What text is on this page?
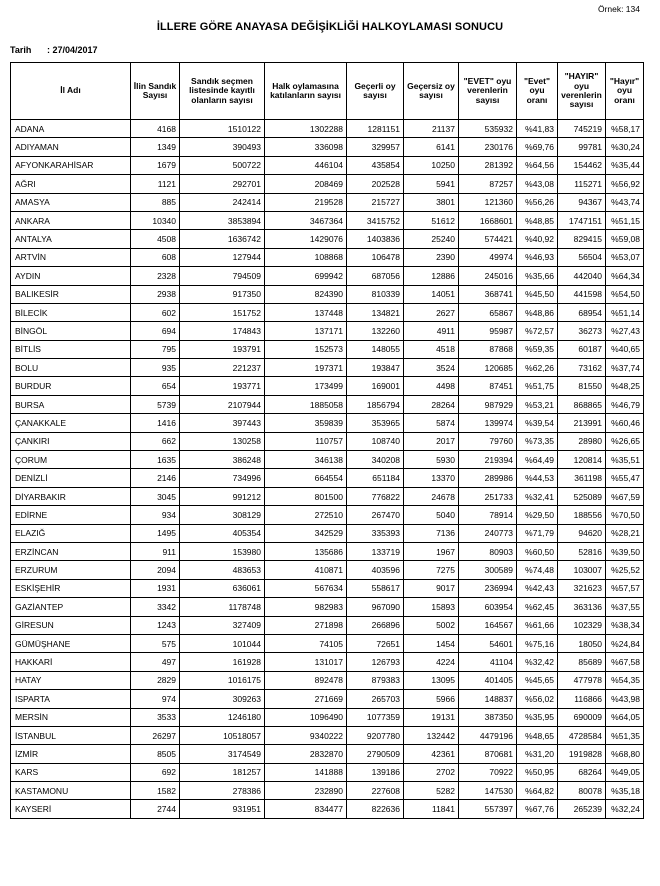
Örnek: 134
İLLERE GÖRE ANAYASA DEĞİŞİKLİĞİ HALKOYLAMASI SONUCU
Tarih : 27/04/2017
İl Adı	İlin Sandık Sayısı	Sandık seçmen listesinde kayıtlı olanların sayısı	Halk oylamasına katılanların sayısı	Geçerli oy sayısı	Geçersiz oy sayısı	"EVET" oyu verenlerin sayısı	"Evet" oyu oranı	"HAYIR" oyu verenlerin sayısı	"Hayır" oyu oranı
ADANA	4168	1510122	1302288	1281151	21137	535932	%41,83	745219	%58,17
ADIYAMAN	1349	390493	336098	329957	6141	230176	%69,76	99781	%30,24
AFYONKARAHİSAR	1679	500722	446104	435854	10250	281392	%64,56	154462	%35,44
AĞRI	1121	292701	208469	202528	5941	87257	%43,08	115271	%56,92
AMASYA	885	242414	219528	215727	3801	121360	%56,26	94367	%43,74
ANKARA	10340	3853894	3467364	3415752	51612	1668601	%48,85	1747151	%51,15
ANTALYA	4508	1636742	1429076	1403836	25240	574421	%40,92	829415	%59,08
ARTVİN	608	127944	108868	106478	2390	49974	%46,93	56504	%53,07
AYDIN	2328	794509	699942	687056	12886	245016	%35,66	442040	%64,34
BALIKESİR	2938	917350	824390	810339	14051	368741	%45,50	441598	%54,50
BİLECİK	602	151752	137448	134821	2627	65867	%48,86	68954	%51,14
BİNGÖL	694	174843	137171	132260	4911	95987	%72,57	36273	%27,43
BİTLİS	795	193791	152573	148055	4518	87868	%59,35	60187	%40,65
BOLU	935	221237	197371	193847	3524	120685	%62,26	73162	%37,74
BURDUR	654	193771	173499	169001	4498	87451	%51,75	81550	%48,25
BURSA	5739	2107944	1885058	1856794	28264	987929	%53,21	868865	%46,79
ÇANAKKALE	1416	397443	359839	353965	5874	139974	%39,54	213991	%60,46
ÇANKIRI	662	130258	110757	108740	2017	79760	%73,35	28980	%26,65
ÇORUM	1635	386248	346138	340208	5930	219394	%64,49	120814	%35,51
DENİZLİ	2146	734996	664554	651184	13370	289986	%44,53	361198	%55,47
DİYARBAKIR	3045	991212	801500	776822	24678	251733	%32,41	525089	%67,59
EDİRNE	934	308129	272510	267470	5040	78914	%29,50	188556	%70,50
ELAZIĞ	1495	405354	342529	335393	7136	240773	%71,79	94620	%28,21
ERZİNCAN	911	153980	135686	133719	1967	80903	%60,50	52816	%39,50
ERZURUM	2094	483653	410871	403596	7275	300589	%74,48	103007	%25,52
ESKİŞEHİR	1931	636061	567634	558617	9017	236994	%42,43	321623	%57,57
GAZİANTEP	3342	1178748	982983	967090	15893	603954	%62,45	363136	%37,55
GİRESUN	1243	327409	271898	266896	5002	164567	%61,66	102329	%38,34
GÜMÜŞHANE	575	101044	74105	72651	1454	54601	%75,16	18050	%24,84
HAKKARİ	497	161928	131017	126793	4224	41104	%32,42	85689	%67,58
HATAY	2829	1016175	892478	879383	13095	401405	%45,65	477978	%54,35
ISPARTA	974	309263	271669	265703	5966	148837	%56,02	116866	%43,98
MERSİN	3533	1246180	1096490	1077359	19131	387350	%35,95	690009	%64,05
İSTANBUL	26297	10518057	9340222	9207780	132442	4479196	%48,65	4728584	%51,35
İZMİR	8505	3174549	2832870	2790509	42361	870681	%31,20	1919828	%68,80
KARS	692	181257	141888	139186	2702	70922	%50,95	68264	%49,05
KASTAMONU	1582	278386	232890	227608	5282	147530	%64,82	80078	%35,18
KAYSERİ	2744	931951	834477	822636	11841	557397	%67,76	265239	%32,24
